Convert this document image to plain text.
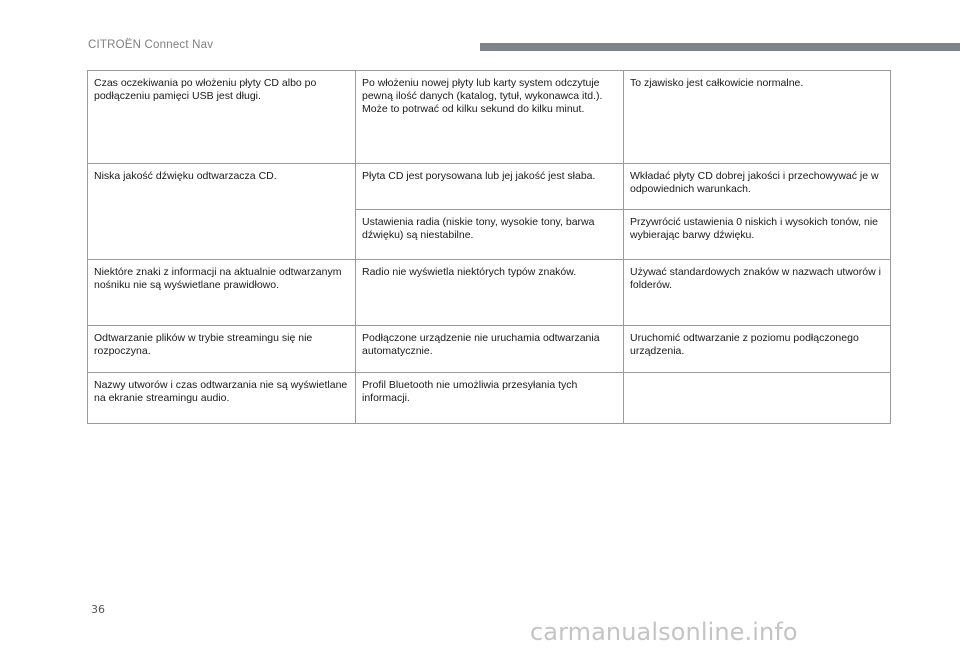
CITROËN Connect Nav
Czas oczekiwania po włożeniu płyty CD albo po podłączeniu pamięci USB jest długi.	Po włożeniu nowej płyty lub karty system odczytuje pewną ilość danych (katalog, tytuł, wykonawca itd.). Może to potrwać od kilku sekund do kilku minut.	To zjawisko jest całkowicie normalne.
Niska jakość dźwięku odtwarzacza CD.	Płyta CD jest porysowana lub jej jakość jest słaba.	Wkładać płyty CD dobrej jakości i przechowywać je w odpowiednich warunkach.
	Ustawienia radia (niskie tony, wysokie tony, barwa dźwięku) są niestabilne.	Przywrócić ustawienia 0 niskich i wysokich tonów, nie wybierając barwy dźwięku.
Niektóre znaki z informacji na aktualnie odtwarzanym nośniku nie są wyświetlane prawidłowo.	Radio nie wyświetla niektórych typów znaków.	Używać standardowych znaków w nazwach utworów i folderów.
Odtwarzanie plików w trybie streamingu się nie rozpoczyna.	Podłączone urządzenie nie uruchamia odtwarzania automatycznie.	Uruchomić odtwarzanie z poziomu podłączonego urządzenia.
Nazwy utworów i czas odtwarzania nie są wyświetlane na ekranie streamingu audio.	Profil Bluetooth nie umożliwia przesyłania tych informacji.	
36
carmanualsonline.info
